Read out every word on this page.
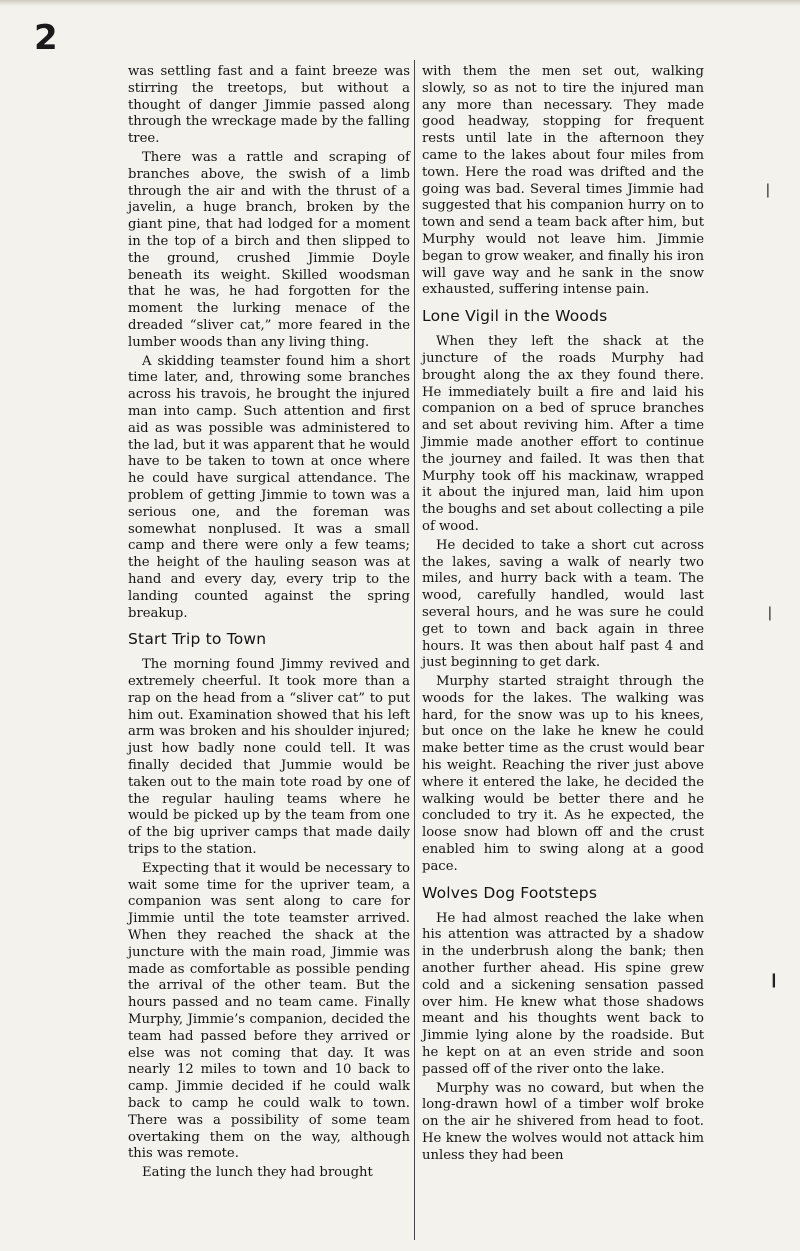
2

was settling fast and a faint breeze was stirring the treetops, but without a thought of danger Jimmie passed along through the wreckage made by the falling tree.

There was a rattle and scraping of branches above, the swish of a limb through the air and with the thrust of a javelin, a huge branch, broken by the giant pine, that had lodged for a moment in the top of a birch and then slipped to the ground, crushed Jimmie Doyle beneath its weight. Skilled woodsman that he was, he had forgotten for the moment the lurking menace of the dreaded “sliver cat,” more feared in the lumber woods than any living thing.

A skidding teamster found him a short time later, and, throwing some branches across his travois, he brought the injured man into camp. Such attention and first aid as was possible was administered to the lad, but it was apparent that he would have to be taken to town at once where he could have surgical attendance. The problem of getting Jimmie to town was a serious one, and the foreman was somewhat nonplused. It was a small camp and there were only a few teams; the height of the hauling season was at hand and every day, every trip to the landing counted against the spring breakup.

Start Trip to Town

The morning found Jimmy revived and extremely cheerful. It took more than a rap on the head from a “sliver cat” to put him out. Examination showed that his left arm was broken and his shoulder injured; just how badly none could tell. It was finally decided that Jummie would be taken out to the main tote road by one of the regular hauling teams where he would be picked up by the team from one of the big upriver camps that made daily trips to the station.

Expecting that it would be necessary to wait some time for the upriver team, a companion was sent along to care for Jimmie until the tote teamster arrived. When they reached the shack at the juncture with the main road, Jimmie was made as comfortable as possible pending the arrival of the other team. But the hours passed and no team came. Finally Murphy, Jimmie’s companion, decided the team had passed before they arrived or else was not coming that day. It was nearly 12 miles to town and 10 back to camp. Jimmie decided if he could walk back to camp he could walk to town. There was a possibility of some team overtaking them on the way, although this was remote.

Eating the lunch they had brought

with them the men set out, walking slowly, so as not to tire the injured man any more than necessary. They made good headway, stopping for frequent rests until late in the afternoon they came to the lakes about four miles from town. Here the road was drifted and the going was bad. Several times Jimmie had suggested that his companion hurry on to town and send a team back after him, but Murphy would not leave him. Jimmie began to grow weaker, and finally his iron will gave way and he sank in the snow exhausted, suffering intense pain.

Lone Vigil in the Woods

When they left the shack at the juncture of the roads Murphy had brought along the ax they found there. He immediately built a fire and laid his companion on a bed of spruce branches and set about reviving him. After a time Jimmie made another effort to continue the journey and failed. It was then that Murphy took off his mackinaw, wrapped it about the injured man, laid him upon the boughs and set about collecting a pile of wood.

He decided to take a short cut across the lakes, saving a walk of nearly two miles, and hurry back with a team. The wood, carefully handled, would last several hours, and he was sure he could get to town and back again in three hours. It was then about half past 4 and just beginning to get dark.

Murphy started straight through the woods for the lakes. The walking was hard, for the snow was up to his knees, but once on the lake he knew he could make better time as the crust would bear his weight. Reaching the river just above where it entered the lake, he decided the walking would be better there and he concluded to try it. As he expected, the loose snow had blown off and the crust enabled him to swing along at a good pace.

Wolves Dog Footsteps

He had almost reached the lake when his attention was attracted by a shadow in the underbrush along the bank; then another further ahead. His spine grew cold and a sickening sensation passed over him. He knew what those shadows meant and his thoughts went back to Jimmie lying alone by the roadside. But he kept on at an even stride and soon passed off of the river onto the lake.

Murphy was no coward, but when the long-drawn howl of a timber wolf broke on the air he shivered from head to foot. He knew the wolves would not attack him unless they had been

❘
❘
❙
